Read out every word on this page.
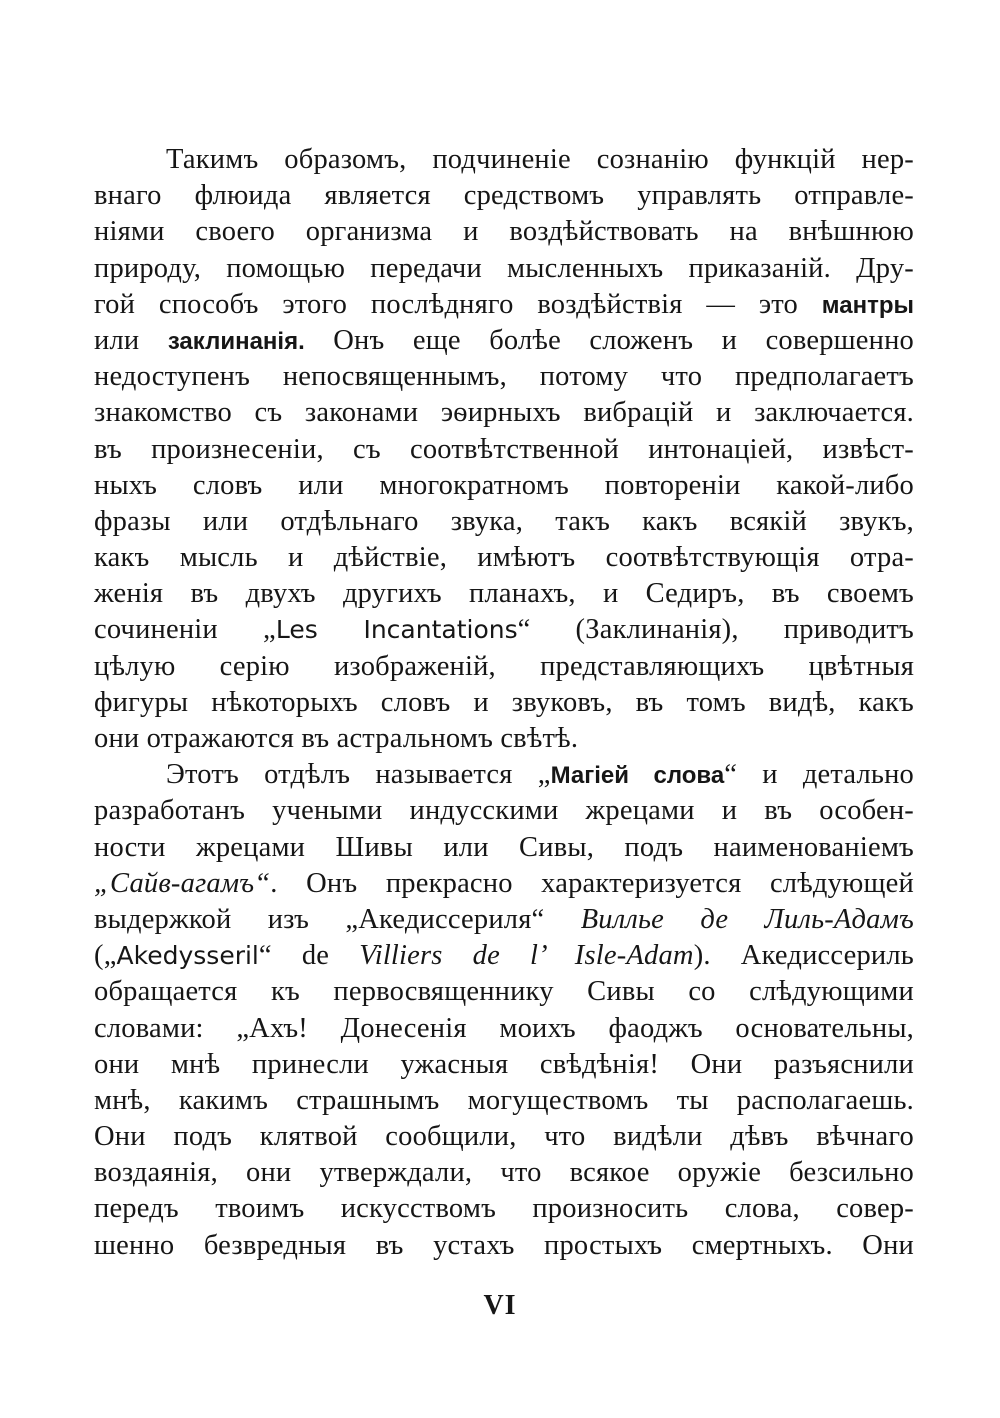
Такимъ образомъ, подчиненіе сознанію функцій нер-
внаго флюида является средствомъ управлять отправле-
ніями своего организма и воздѣйствовать на внѣшнюю
природу, помощью передачи мысленныхъ приказаній. Дру-
гой способъ этого послѣдняго воздѣйствія — это мантры
или заклинанія. Онъ еще болѣе сложенъ и совершенно
недоступенъ непосвященнымъ, потому что предполагаетъ
знакомство съ законами эѳирныхъ вибрацій и заключается.
въ произнесеніи, съ соотвѣтственной интонаціей, извѣст-
ныхъ словъ или многократномъ повтореніи какой-либо
фразы или отдѣльнаго звука, такъ какъ всякій звукъ,
какъ мысль и дѣйствіе, имѣютъ соотвѣтствующія отра-
женія въ двухъ другихъ планахъ, и Седиръ, въ своемъ
сочиненіи „Les Incantations“ (Заклинанія), приводитъ
цѣлую серію изображеній, представляющихъ цвѣтныя
фигуры нѣкоторыхъ словъ и звуковъ, въ томъ видѣ, какъ
они отражаются въ астральномъ свѣтѣ.
Этотъ отдѣлъ называется „Магіей слова“ и детально
разработанъ учеными индусскими жрецами и въ особен-
ности жрецами Шивы или Сивы, подъ наименованіемъ
„Сайв-агамъ“. Онъ прекрасно характеризуется слѣдующей
выдержкой изъ „Акедиссериля“ Виллье де Лиль-Адамъ
(„Akedysseril“ de Villiers de l’ Isle-Adam). Акедиссериль
обращается къ первосвященнику Сивы со слѣдующими
словами: „Ахъ! Донесенія моихъ фаоджъ основательны,
они мнѣ принесли ужасныя свѣдѣнія! Они разъяснили
мнѣ, какимъ страшнымъ могуществомъ ты располагаешь.
Они подъ клятвой сообщили, что видѣли дѣвъ вѣчнаго
воздаянія, они утверждали, что всякое оружіе безсильно
передъ твоимъ искусствомъ произносить слова, совер-
шенно безвредныя въ устахъ простыхъ смертныхъ. Они
VI
